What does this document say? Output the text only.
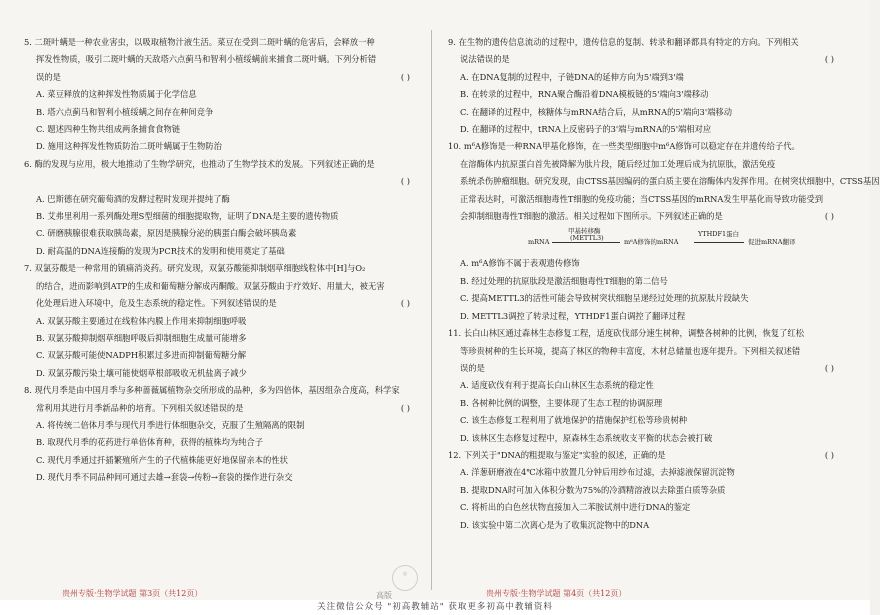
5. 二斑叶螨是一种农业害虫，以吸取植物汁液生活。菜豆在受到二斑叶螨的危害后，会释放一种

挥发性物质，吸引二斑叶螨的天敌塔六点蓟马和智利小植绥螨前来捕食二斑叶螨。下列分析错

误的是	( )

A. 菜豆释放的这种挥发性物质属于化学信息

B. 塔六点蓟马和智利小植绥螨之间存在种间竞争

C. 题述四种生物共组成两条捕食食物链

D. 施用这种挥发性物质防治二斑叶螨属于生物防治

6. 酶的发现与应用，极大地推动了生物学研究，也推动了生物学技术的发展。下列叙述正确的是

( )

A. 巴斯德在研究葡萄酒的发酵过程时发现并提纯了酶

B. 艾弗里利用一系列酶处理S型细菌的细胞提取物，证明了DNA是主要的遗传物质

C. 研磨胰腺很难获取胰岛素，原因是胰腺分泌的胰蛋白酶会破坏胰岛素

D. 耐高温的DNA连接酶的发现为PCR技术的发明和使用奠定了基础

7. 双氯芬酸是一种常用的镇痛消炎药。研究发现，双氯芬酸能抑制烟草细胞线粒体中[H]与O₂

的结合，进而影响到ATP的生成和葡萄糖分解成丙酮酸。双氯芬酸由于疗效好、用量大，被无害

化处理后进入环境中，危及生态系统的稳定性。下列叙述错误的是	( )

A. 双氯芬酸主要通过在线粒体内膜上作用来抑制细胞呼吸

B. 双氯芬酸抑制烟草细胞呼吸后抑制细胞生成量可能增多

C. 双氯芬酸可能使NADPH积累过多进而抑制葡萄糖分解

D. 双氯芬酸污染土壤可能使烟草根部吸收无机盐离子减少

8. 现代月季是由中国月季与多种蔷薇属植物杂交所形成的品种，多为四倍体，基因组杂合度高，科学家

常利用其进行月季新品种的培育。下列相关叙述错误的是	( )

A. 将传统二倍体月季与现代月季进行体细胞杂交，克服了生殖隔离的限制

B. 取现代月季的花药进行单倍体育种，获得的植株均为纯合子

C. 现代月季通过扦插繁殖所产生的子代植株能更好地保留亲本的性状

D. 现代月季不同品种间可通过去雄→套袋→传粉→套袋的操作进行杂交

9. 在生物的遗传信息流动的过程中，遗传信息的复制、转录和翻译都具有特定的方向。下列相关

说法错误的是	( )

A. 在DNA复制的过程中，子链DNA的延伸方向为5'端到3'端

B. 在转录的过程中，RNA聚合酶沿着DNA模板链的5'端向3'端移动

C. 在翻译的过程中，核糖体与mRNA结合后，从mRNA的5'端向3'端移动

D. 在翻译的过程中，tRNA上反密码子的3'端与mRNA的5'端相对应

10. m⁶A修饰是一种RNA甲基化修饰，在一些类型细胞中m⁶A修饰可以稳定存在并遗传给子代。

在溶酶体内抗原蛋白首先被降解为肽片段，随后经过加工处理后成为抗原肽，激活免疫

系统杀伤肿瘤细胞。研究发现，由CTSS基因编码的蛋白质主要在溶酶体内发挥作用。在树突状细胞中，CTSS基因

正常表达时，可激活细胞毒性T细胞的免疫功能；当CTSS基因的mRNA发生甲基化而导致功能受到

会抑制细胞毒性T细胞的激活。相关过程如下图所示。下列叙述正确的是	( )

甲基转移酶
(METTL3)
mRNA	m⁶A修饰的mRNA
YTHDF1蛋白
促进mRNA翻译

A. m⁶A修饰不属于表观遗传修饰

B. 经过处理的抗原肽段是激活细胞毒性T细胞的第二信号

C. 提高METTL3的活性可能会导致树突状细胞呈递经过处理的抗原肽片段缺失

D. METTL3调控了转录过程，YTHDF1蛋白调控了翻译过程

11. 长白山林区通过森林生态修复工程，适度砍伐部分速生树种，调整各树种的比例，恢复了红松

等珍贵树种的生长环境，提高了林区的物种丰富度，木材总储量也逐年提升。下列相关叙述错

误的是	( )

A. 适度砍伐有利于提高长白山林区生态系统的稳定性

B. 各树种比例的调整，主要体现了生态工程的协调原理

C. 该生态修复工程利用了就地保护的措施保护红松等珍贵树种

D. 该林区生态修复过程中，原森林生态系统收支平衡的状态会被打破

12. 下列关于"DNA的粗提取与鉴定"实验的叙述，正确的是	( )

A. 洋葱研磨液在4℃冰箱中放置几分钟后用纱布过滤，去掉滤液保留沉淀物

B. 提取DNA时可加入体积分数为75%的冷酒精溶液以去除蛋白质等杂质

C. 将析出的白色丝状物直接加入二苯胺试剂中进行DNA的鉴定

D. 该实验中第二次离心是为了收集沉淀物中的DNA

◎
贵州专版·生物学试题 第3页（共12页）	高版	贵州专版·生物学试题 第4页（共12页）
关注微信公众号 "初高教辅站" 获取更多初高中教辅资料
